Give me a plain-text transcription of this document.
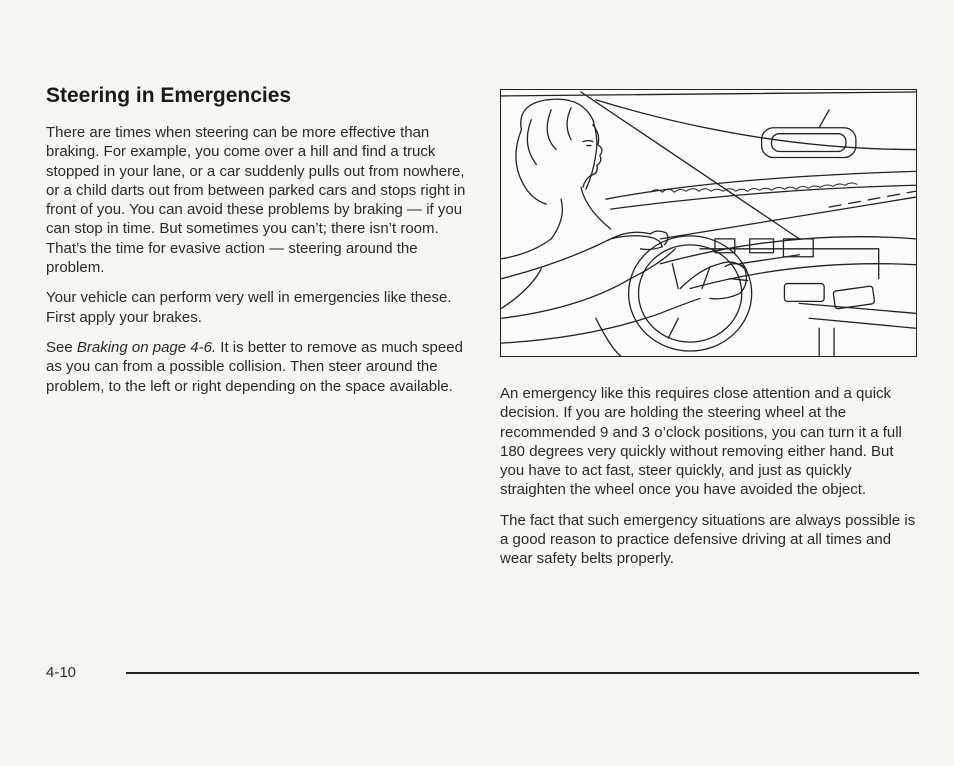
Steering in Emergencies

There are times when steering can be more effective than braking. For example, you come over a hill and find a truck stopped in your lane, or a car suddenly pulls out from nowhere, or a child darts out from between parked cars and stops right in front of you. You can avoid these problems by braking — if you can stop in time. But sometimes you can’t; there isn’t room. That’s the time for evasive action — steering around the problem.

Your vehicle can perform very well in emergencies like these. First apply your brakes.

See Braking on page 4-6. It is better to remove as much speed as you can from a possible collision. Then steer around the problem, to the left or right depending on the space available.	An emergency like this requires close attention and a quick decision. If you are holding the steering wheel at the recommended 9 and 3 o’clock positions, you can turn it a full 180 degrees very quickly without removing either hand. But you have to act fast, steer quickly, and just as quickly straighten the wheel once you have avoided the object.

The fact that such emergency situations are always possible is a good reason to practice defensive driving at all times and wear safety belts properly.

4-10
